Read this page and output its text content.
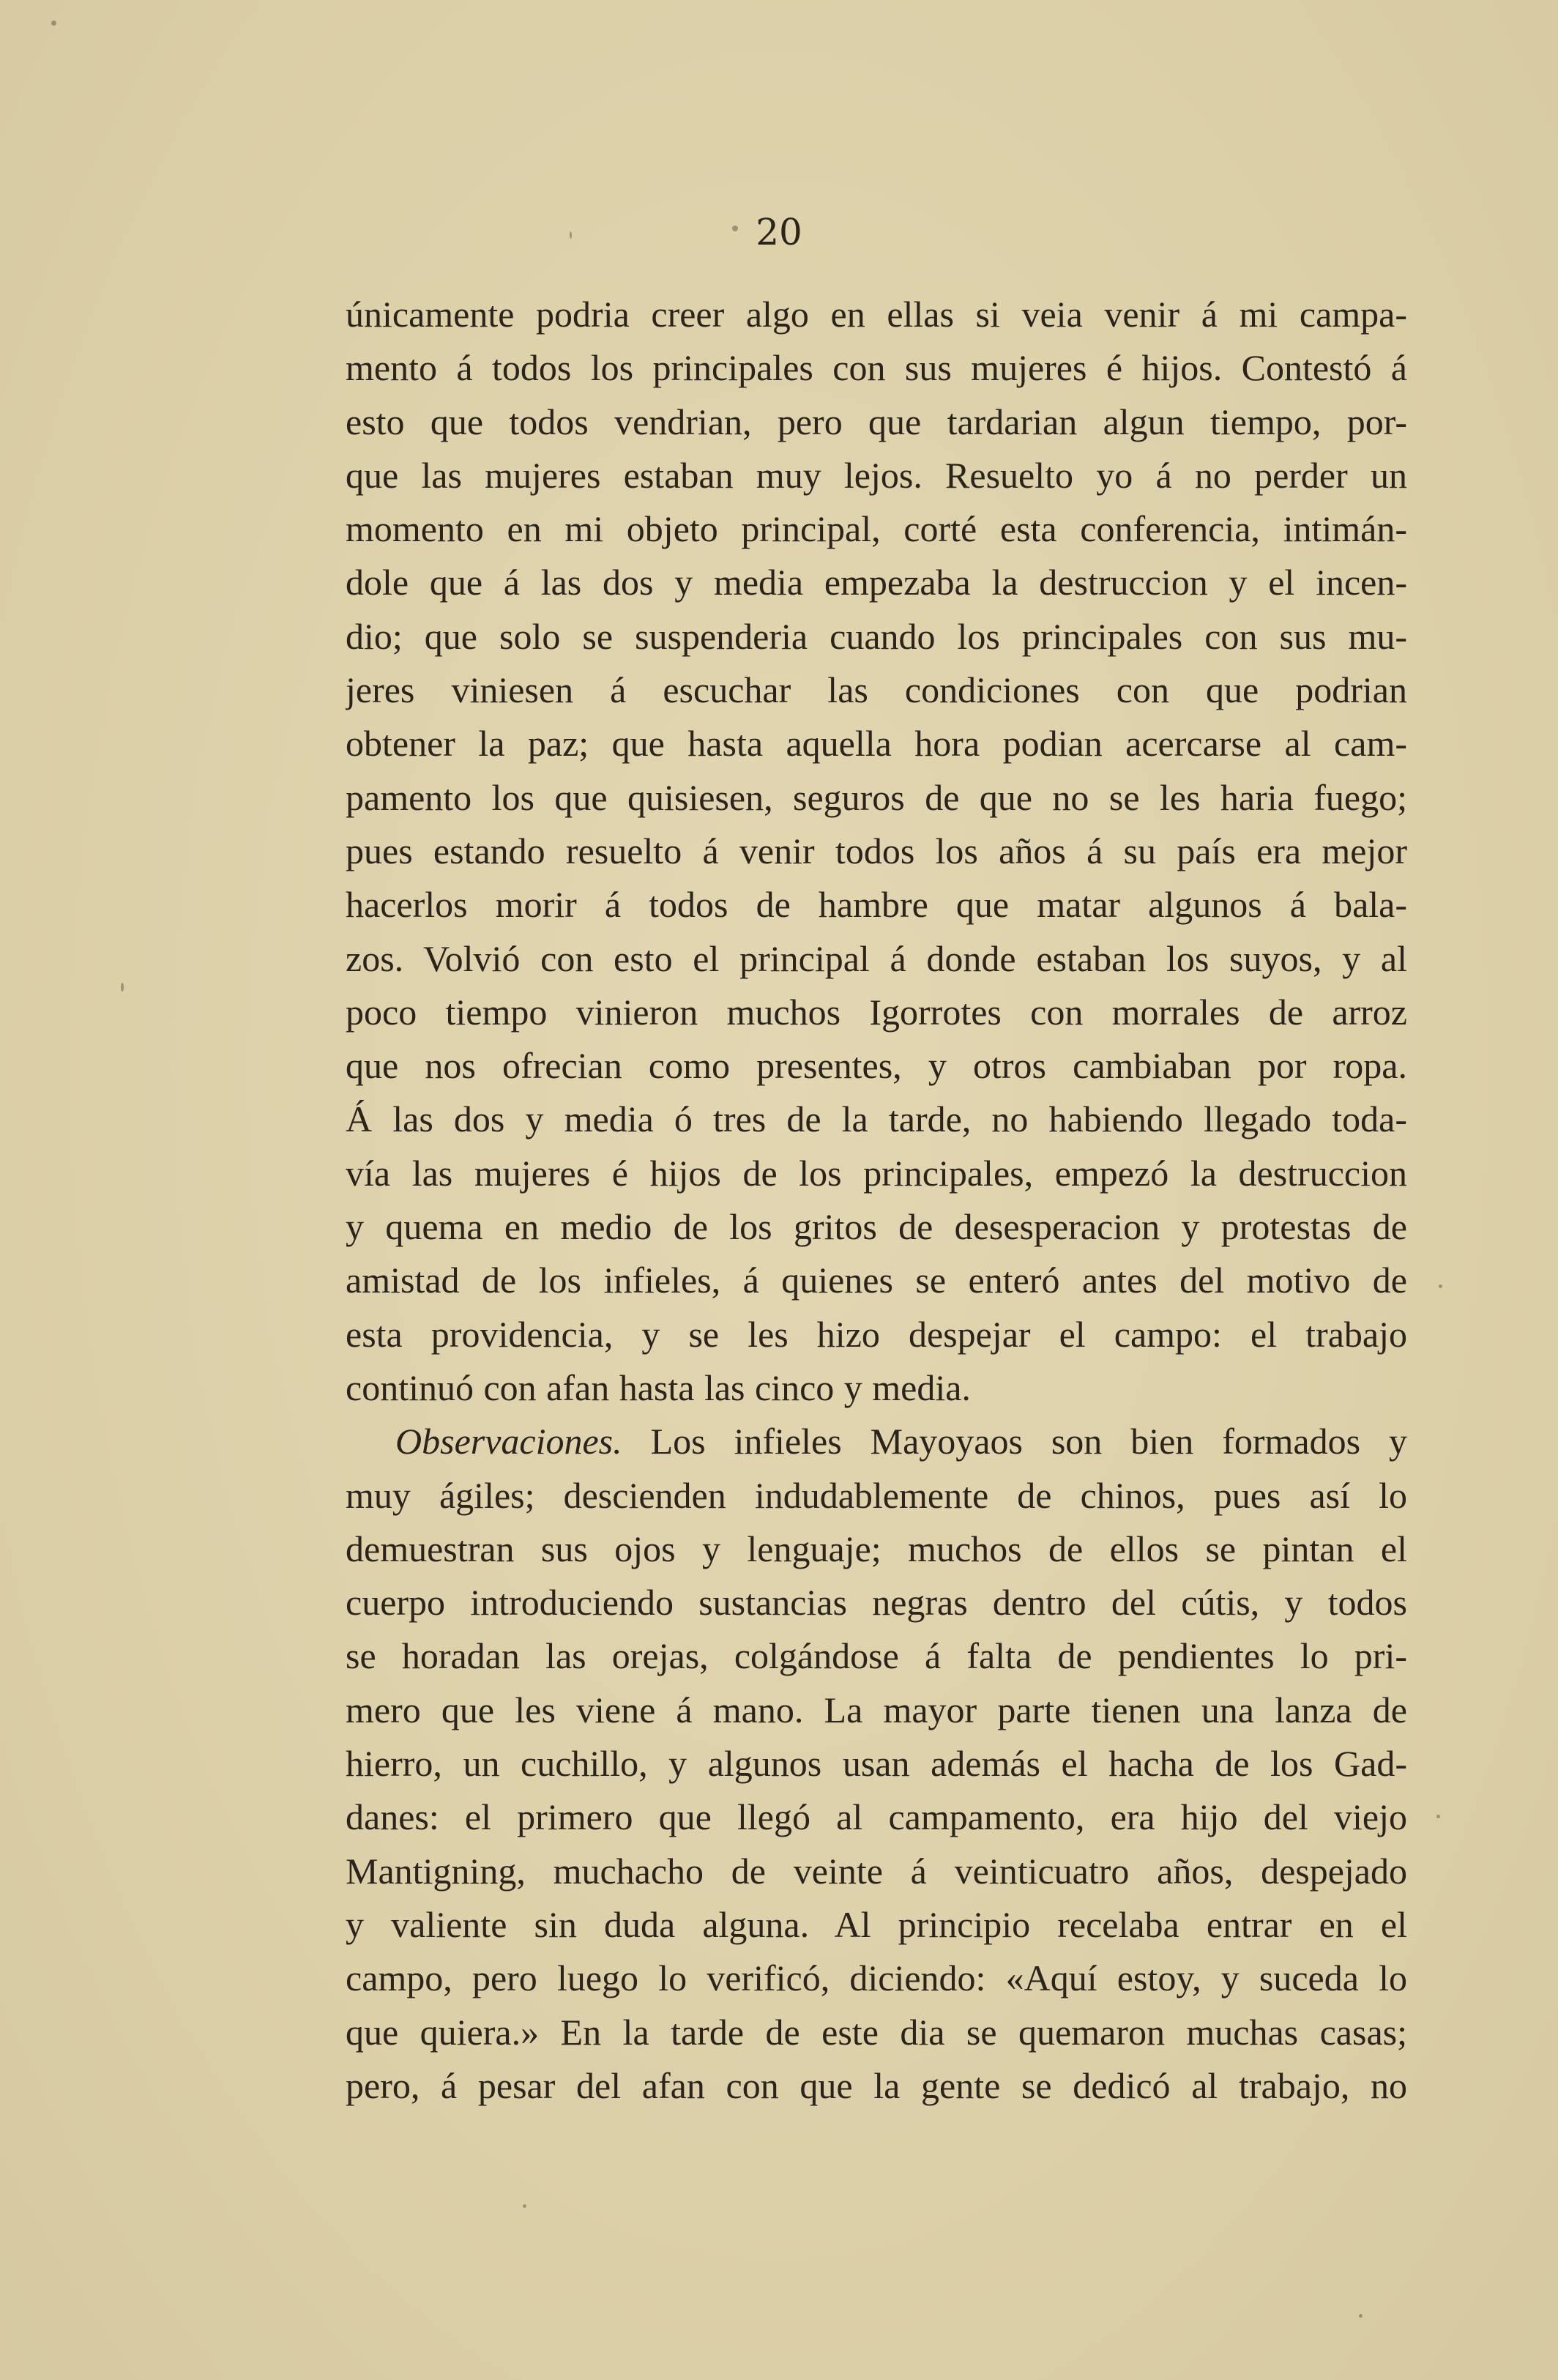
20
únicamente podria creer algo en ellas si veia venir á mi campa-
mento á todos los principales con sus mujeres é hijos. Contestó á
esto que todos vendrian, pero que tardarian algun tiempo, por-
que las mujeres estaban muy lejos. Resuelto yo á no perder un
momento en mi objeto principal, corté esta conferencia, intimán-
dole que á las dos y media empezaba la destruccion y el incen-
dio; que solo se suspenderia cuando los principales con sus mu-
jeres viniesen á escuchar las condiciones con que podrian
obtener la paz; que hasta aquella hora podian acercarse al cam-
pamento los que quisiesen, seguros de que no se les haria fuego;
pues estando resuelto á venir todos los años á su país era mejor
hacerlos morir á todos de hambre que matar algunos á bala-
zos. Volvió con esto el principal á donde estaban los suyos, y al
poco tiempo vinieron muchos Igorrotes con morrales de arroz
que nos ofrecian como presentes, y otros cambiaban por ropa.
Á las dos y media ó tres de la tarde, no habiendo llegado toda-
vía las mujeres é hijos de los principales, empezó la destruccion
y quema en medio de los gritos de desesperacion y protestas de
amistad de los infieles, á quienes se enteró antes del motivo de
esta providencia, y se les hizo despejar el campo: el trabajo
continuó con afan hasta las cinco y media.
Observaciones. Los infieles Mayoyaos son bien formados y
muy ágiles; descienden indudablemente de chinos, pues así lo
demuestran sus ojos y lenguaje; muchos de ellos se pintan el
cuerpo introduciendo sustancias negras dentro del cútis, y todos
se horadan las orejas, colgándose á falta de pendientes lo pri-
mero que les viene á mano. La mayor parte tienen una lanza de
hierro, un cuchillo, y algunos usan además el hacha de los Gad-
danes: el primero que llegó al campamento, era hijo del viejo
Mantigning, muchacho de veinte á veinticuatro años, despejado
y valiente sin duda alguna. Al principio recelaba entrar en el
campo, pero luego lo verificó, diciendo: «Aquí estoy, y suceda lo
que quiera.» En la tarde de este dia se quemaron muchas casas;
pero, á pesar del afan con que la gente se dedicó al trabajo, no
